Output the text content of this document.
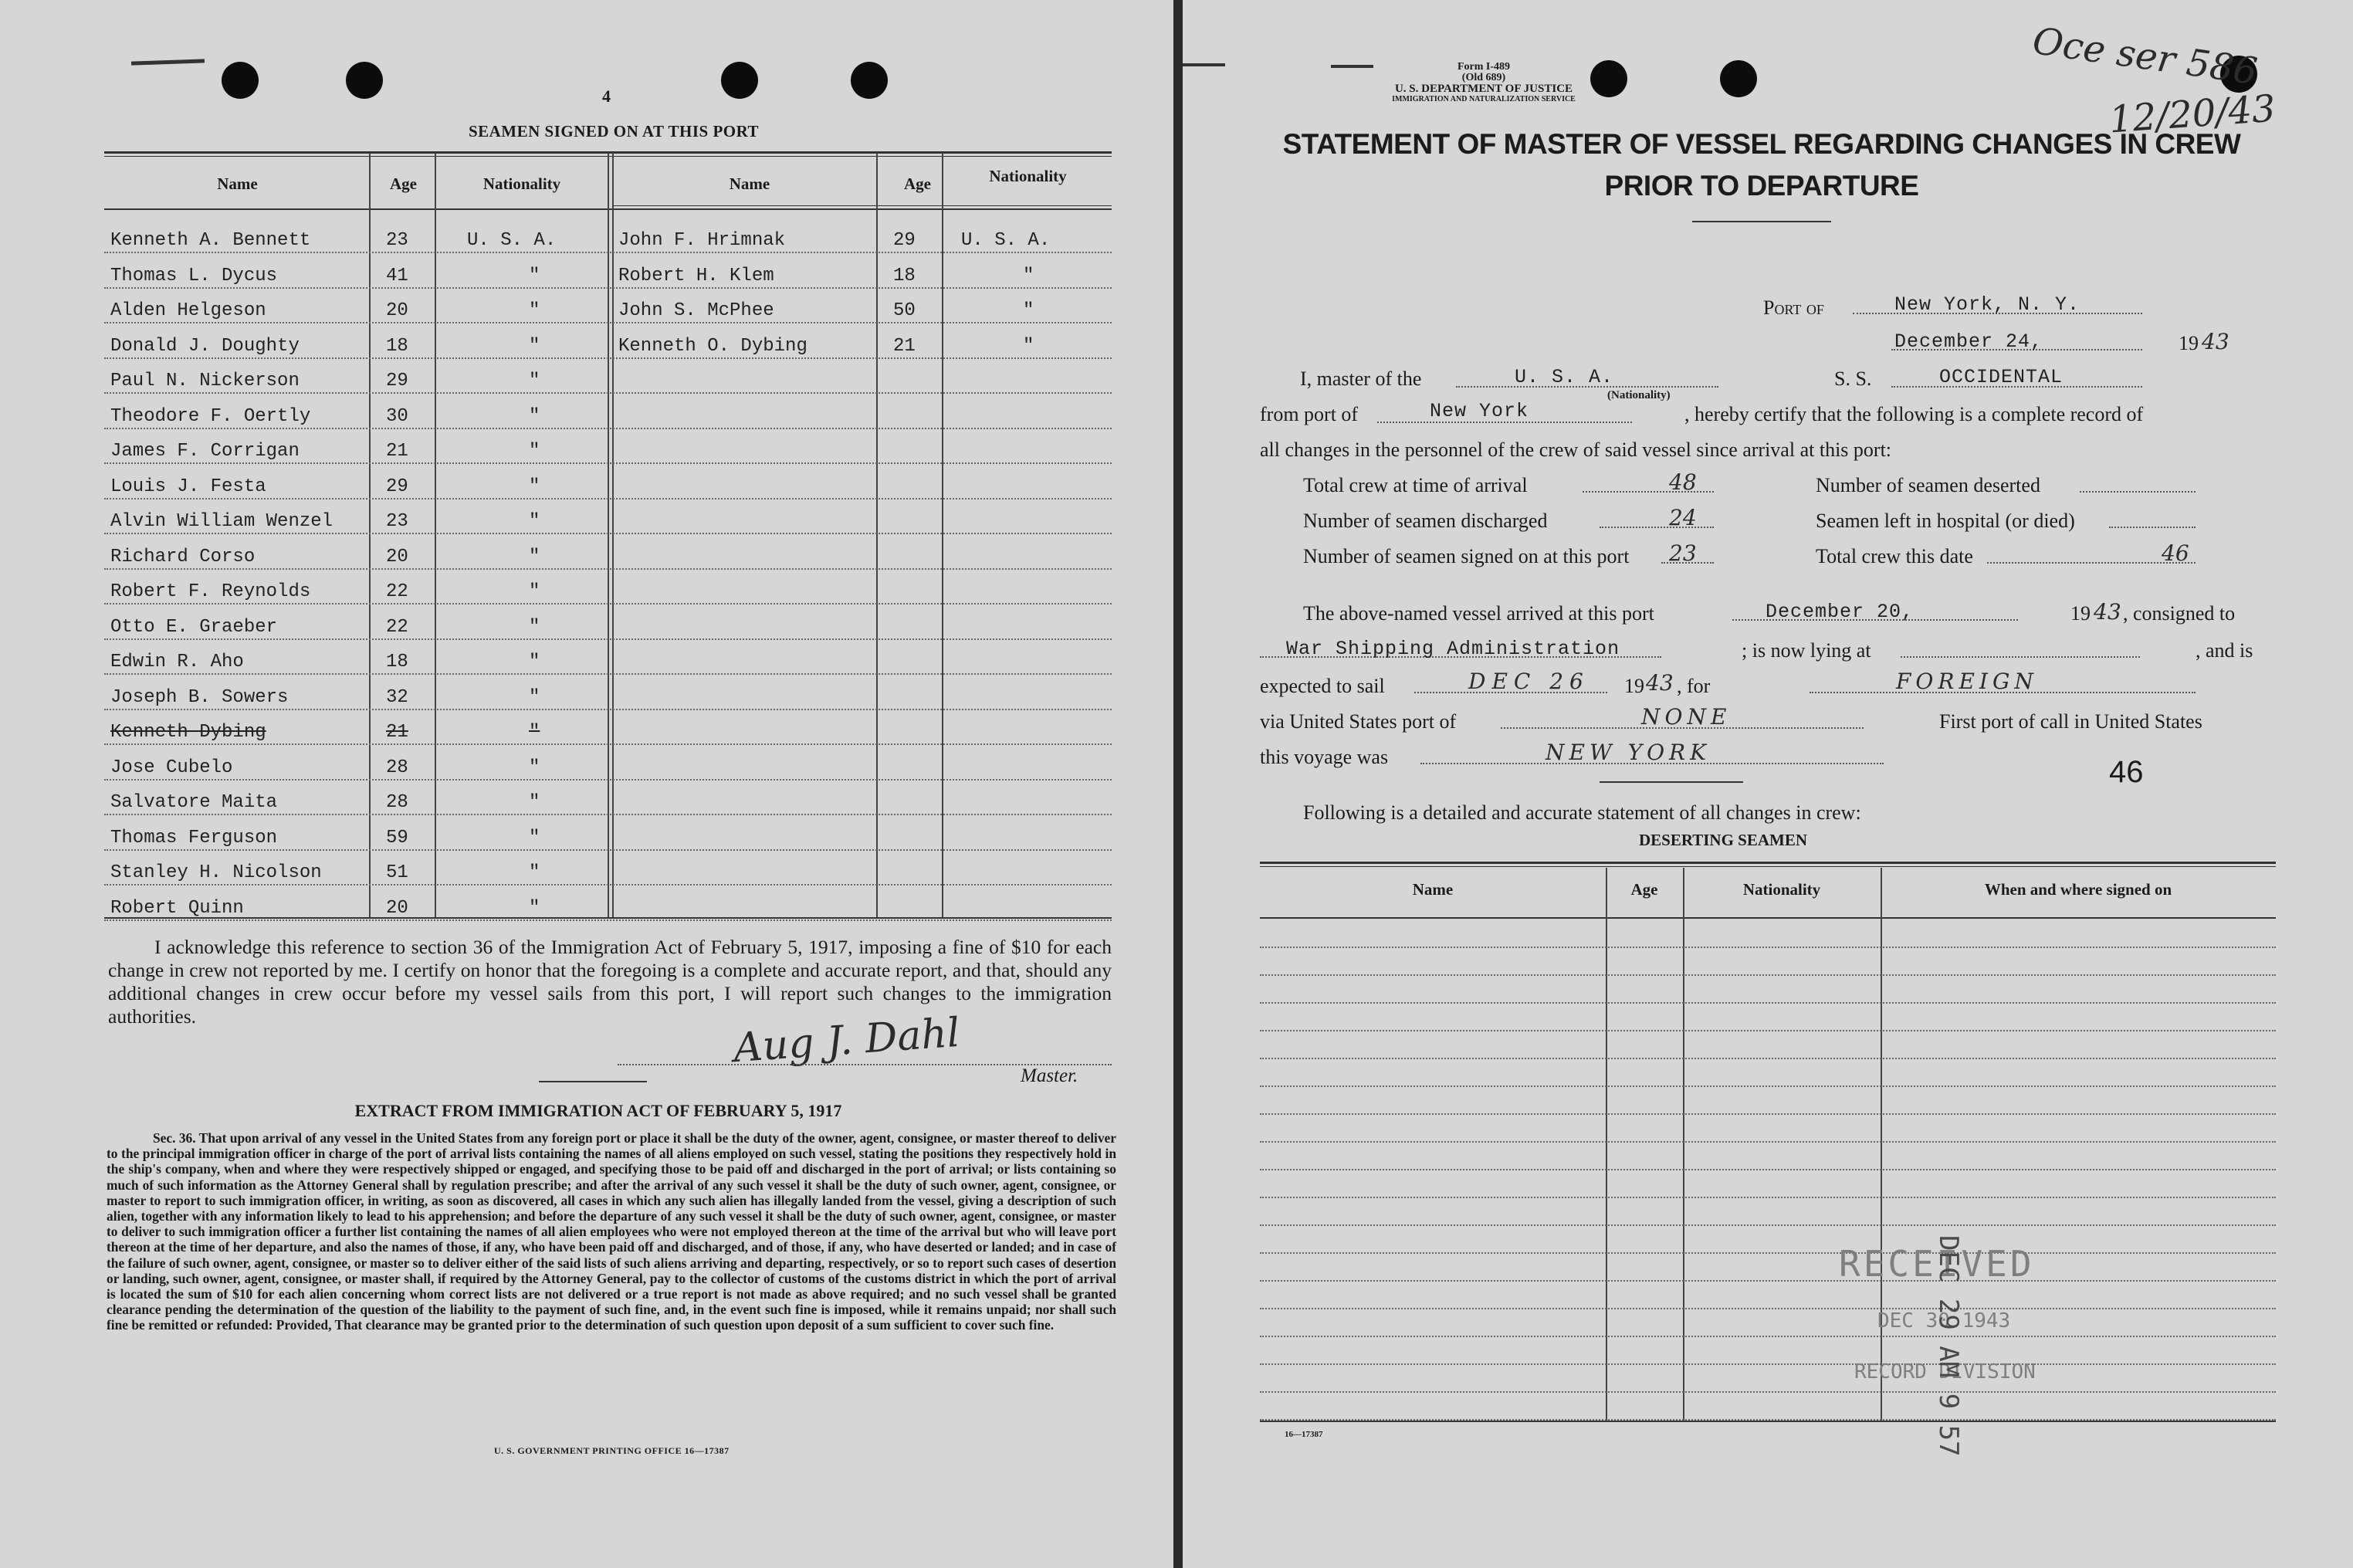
4
SEAMEN SIGNED ON AT THIS PORT
Name	Age	Nationality	Name	Age	Nationality
Kenneth A. Bennett	23	U. S. A.
Thomas L. Dycus	41	"
Alden Helgeson	20	"
Donald J. Doughty	18	"
Paul N. Nickerson	29	"
Theodore F. Oertly	30	"
James F. Corrigan	21	"
Louis J. Festa	29	"
Alvin William Wenzel	23	"
Richard Corso	20	"
Robert F. Reynolds	22	"
Otto E. Graeber	22	"
Edwin R. Aho	18	"
Joseph B. Sowers	32	"
Kenneth Dybing	21	"
Jose Cubelo	28	"
Salvatore Maita	28	"
Thomas Ferguson	59	"
Stanley H. Nicolson	51	"
Robert Quinn	20	"
John F. Hrimnak	29 U. S. A.
Robert H. Klem	18	"
John S. McPhee	50	"
Kenneth O. Dybing	21	"
I acknowledge this reference to section 36 of the Immigration Act of February 5, 1917, imposing a fine of $10 for each change in crew not reported by me. I certify on honor that the foregoing is a complete and accurate report, and that, should any additional changes in crew occur before my vessel sails from this port, I will report such changes to the immigration authorities.	Aug J. Dahl
Master.
EXTRACT FROM IMMIGRATION ACT OF FEBRUARY 5, 1917
Sec. 36. That upon arrival of any vessel in the United States from any foreign port or place it shall be the duty of the owner, agent, consignee, or master thereof to deliver to the principal immigration officer in charge of the port of arrival lists containing the names of all aliens employed on such vessel, stating the positions they respectively hold in the ship's company, when and where they were respectively shipped or engaged, and specifying those to be paid off and discharged in the port of arrival; or lists containing so much of such information as the Attorney General shall by regulation prescribe; and after the arrival of any such vessel it shall be the duty of such owner, agent, consignee, or master to report to such immigration officer, in writing, as soon as discovered, all cases in which any such alien has illegally landed from the vessel, giving a description of such alien, together with any information likely to lead to his apprehension; and before the departure of any such vessel it shall be the duty of such owner, agent, consignee, or master to deliver to such immigration officer a further list containing the names of all alien employees who were not employed thereon at the time of the arrival but who will leave port thereon at the time of her departure, and also the names of those, if any, who have been paid off and discharged, and of those, if any, who have deserted or landed; and in case of the failure of such owner, agent, consignee, or master so to deliver either of the said lists of such aliens arriving and departing, respectively, or so to report such cases of desertion or landing, such owner, agent, consignee, or master shall, if required by the Attorney General, pay to the collector of customs of the customs district in which the port of arrival is located the sum of $10 for each alien concerning whom correct lists are not delivered or a true report is not made as above required; and no such vessel shall be granted clearance pending the determination of the question of the liability to the payment of such fine, and, in the event such fine is imposed, while it remains unpaid; nor shall such fine be remitted or refunded: Provided, That clearance may be granted prior to the determination of such question upon deposit of a sum sufficient to cover such fine.
U. S. GOVERNMENT PRINTING OFFICE 16—17387
Form I-489
(Old 689)
U. S. DEPARTMENT OF JUSTICE
IMMIGRATION AND NATURALIZATION SERVICE
Oce ser 586
12/20/43
STATEMENT OF MASTER OF VESSEL REGARDING CHANGES IN CREW
PRIOR TO DEPARTURE
Port of	New York, N. Y.
December 24,	19 43
I, master of the	U. S. A.
(Nationality)
S. S.	OCCIDENTAL
from port of	New York	, hereby certify that the following is a complete record of
all changes in the personnel of the crew of said vessel since arrival at this port:
Total crew at time of arrival	48
Number of seamen discharged	24
Number of seamen signed on at this port 23
Number of seamen deserted
Seamen left in hospital (or died)
Total crew this date	46
The above-named vessel arrived at this port	December 20,	19 43 , consigned to
War Shipping Administration	; is now lying at	, and is
expected to sail	DEC 26 19 43 , for	FOREIGN
via United States port of	NONE	First port of call in United States
this voyage was	NEW YORK
46
Following is a detailed and accurate statement of all changes in crew:
DESERTING SEAMEN
Name	Age	Nationality	When and where signed on
RECEIVED
DEC 30 1943
RECORD DIVISION
DEC 29 AM 9 57
16—17387
